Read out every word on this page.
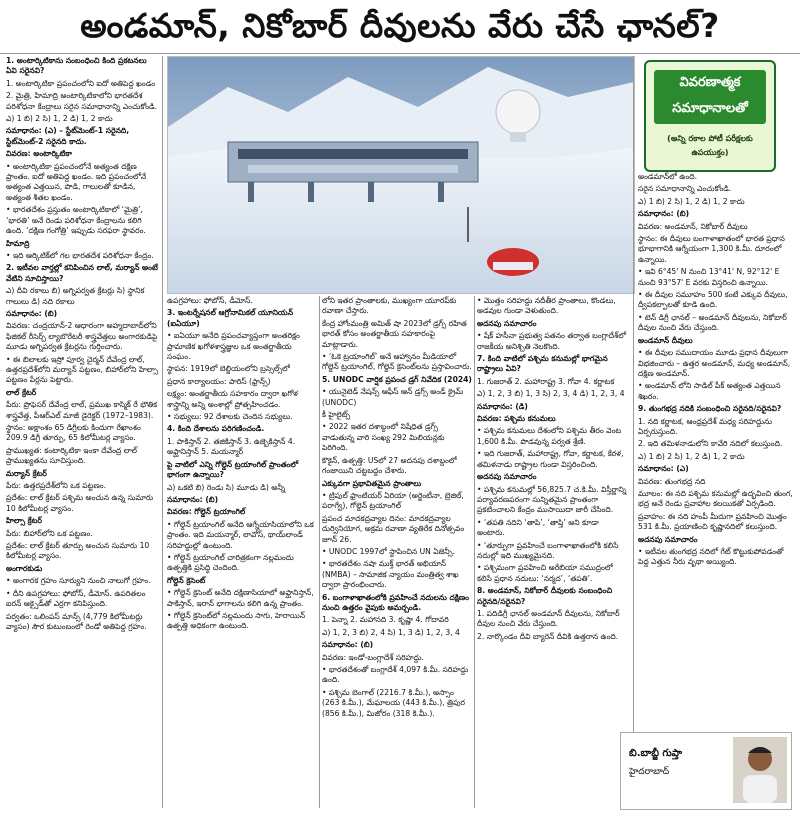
అండమాన్, నికోబార్ దీవులను వేరు చేసే ఛానల్?

1. అంటార్కిటికాను సంబంధించి కింది ప్రకటనలు ఏవి సరైనవి?

1. అంటార్కిటికా ప్రపంచంలోని ఐదో అతిపెద్ద ఖండం

2. మైత్రి, హిమాద్రి అంటార్కిటికాలోని భారతదేశ పరిశోధనా కేంద్రాలు సరైన సమాధానాన్ని ఎంచుకోండి.

ఎ) 1 బి) 2 సి) 1, 2 డి) 1, 2 కాదు

సమాధానం: (ఎ) – స్టేట్‌మెంట్-1 సరైనది, స్టేట్‌మెంట్-2 సరైనది కాదు.

వివరణ: అంటార్కిటికా

• అంటార్కిటికా ప్రపంచంలోనే అత్యంత దక్షిణ ప్రాంతం. ఐదో అతిపెద్ద ఖండం. ఇది ప్రపంచంలోనే అత్యంత ఎత్తయిన, పొడి, గాలులతో కూడిన, అత్యంత శీతల ఖండం.

• భారతదేశం ప్రస్తుతం అంటార్కిటికాలో ‘మైత్రి’, ‘భారతి’ అనే రెండు పరిశోధనా కేంద్రాలను కలిగి ఉంది. ‘దక్షిణ గంగోత్రి’ ఇప్పుడు సరఫరా స్థావరం.

హిమాద్రి

• ఇది ఆర్కిటిక్‌లో గల భారతదేశ పరిశోధనా కేంద్రం.

2. ఇటీవల వార్తల్లో కనిపించిన లాల్, మర్యాన్ అంటే వేటిని సూచిస్తాయి?

ఎ) దీవి రకాలు బి) అగ్నిపర్వత క్రేటర్లు సి) స్థానిక గాలులు డి) నది రకాలు

సమాధానం: (బి)

వివరణ: చంద్రయాన్-2 ఆధారంగా అహ్మదాబాద్‌లోని ఫిజికల్ రీసెర్చ్ ల్యాబొరేటరీ శాస్త్రవేత్తలు అంగారకుడిపై మూడు అగ్నిపర్వత క్రేటర్లను గుర్తించారు.

• ఈ బిలాలకు ఇస్రో పూర్వ చైర్మన్ దేవేంద్ర లాల్, ఉత్తరప్రదేశ్‌లోని మర్యాన్ పట్టణం, బిహార్‌లోని హిల్సా పట్టణం పేర్లను పెట్టారు.

లాల్ క్రేటర్

పేరు: ప్రొఫెసర్ దేవేంద్ర లాల్, ప్రముఖ కాస్మిక్ రే భౌతిక శాస్త్రవేత్త, పీఆర్ఎల్ మాజీ డైరెక్టర్ (1972–1983).

స్థానం: అక్షాంశం 65 డిగ్రీలకు కిందుగా రేఖాంశం 209.9 డిగ్రీ తూర్పు, 65 కిలోమీటర్ల వ్యాసం.

ప్రాముఖ్యత: కంటార్కిటికా ఇంకా దేవేంద్ర లాల్ ప్రాముఖ్యతను సూచిస్తుంది.

మర్యాన్ క్రేటర్

పేరు: ఉత్తరప్రదేశ్‌లోని ఒక పట్టణం.

ప్రదేశం: లాల్ క్రేటర్ పశ్చిమ అంచున ఉన్న సుమారు 10 కిలోమీటర్ల వ్యాసం.

హిల్సా క్రేటర్

పేరు: బిహార్‌లోని ఒక పట్టణం.

ప్రదేశం: లాల్ క్రేటర్ తూర్పు అంచున సుమారు 10 కిలోమీటర్ల వ్యాసం.

అంగారకుడు

• అంగారక గ్రహం సూర్యుని నుంచి నాలుగో గ్రహం.

• దీని ఉపగ్రహాలు: ఫోబోస్, డీమోస్. ఉపరితలం ఐరన్ ఆక్సైడ్‌తో ఎర్రగా కనిపిస్తుంది.

పర్వతం: ఒలింపస్ మాన్స్ (4,779 కిలోమీటర్లు వ్యాసం) సౌర కుటుంబంలో రెండో అతిపెద్ద గ్రహం.

వివరణాత్మక సమాధానాలతో
(అన్ని రకాల పోటీ పరీక్షలకు ఉపయుక్తం)

ఉపగ్రహాలు: ఫోబోస్, డీమోస్.

3. ఇంటర్నేషనల్ ఆగ్రోనామికల్ యూనియన్ (ఐఏయూ)

• ఐఏయూ అనేది ప్రపంచవ్యాప్తంగా అంతరిక్షం ప్రామాణిక ఖగోళశాస్త్రజ్ఞుల ఒక అంతర్జాతీయ సంఘం.

స్థాపన: 1919లో బెల్జియంలోని బ్రస్సెల్స్‌లో

ప్రధాన కార్యాలయం: పారిస్ (ఫ్రాన్స్)

లక్ష్యం: అంతర్జాతీయ సహకారం ద్వారా ఖగోళ శాస్త్రాన్ని అన్ని అంశాల్లో ప్రోత్సహించడం.

• సభ్యులు: 92 దేశాలకు చెందిన సభ్యులు.

4. కింది దేశాలను పరిగణించండి.

1. పాకిస్తాన్ 2. తజికిస్తాన్ 3. ఉజ్బెకిస్తాన్ 4. అఫ్ఘానిస్తాన్ 5. మయన్మార్

పై వాటిలో ఎన్ని గోల్డెన్ ట్రయాంగిల్ ప్రాంతంలో భాగంగా ఉన్నాయి?

ఎ) ఒకటి బి) రెండు సి) మూడు డి) అన్నీ

సమాధానం: (బి)

వివరణ: గోల్డెన్ ట్రయాంగిల్

• గోల్డెన్ ట్రయాంగిల్ అనేది ఆగ్నేయాసియాలోని ఒక ప్రాంతం. ఇది మయన్మార్, లావోస్, థాయ్‌లాండ్ సరిహద్దుల్లో ఉంటుంది.

• గోల్డెన్ ట్రయాంగిల్ చారిత్రకంగా నల్లమందు ఉత్పత్తికి ప్రసిద్ధి చెందింది.

గోల్డెన్ క్రెసెంట్

• గోల్డెన్ క్రెసెంట్ అనేది దక్షిణాసియాలో అఫ్ఘానిస్తాన్, పాకిస్తాన్, ఇరాన్ భాగాలను కలిగి ఉన్న ప్రాంతం.

• గోల్డెన్ క్రెసెంట్‌లో నల్లమందు సాగు, హెరాయిన్ ఉత్పత్తి అధికంగా ఉంటుంది.

లోని ఇతర ప్రాంతాలకు, ముఖ్యంగా యూరప్‌కు రవాణా చేస్తారు.

కేంద్ర హోంమంత్రి అమిత్ షా 2023లో డ్రగ్స్ రహిత భారత్ కోసం అంతర్జాతీయ సహకారంపై మాట్లాడారు.

• ‘ఓకె ట్రయాంగిల్’ అనే ఆహ్వానం మీడియాలో గోల్డెన్ ట్రయాంగిల్, గోల్డెన్ క్రెసెంట్‌లను ప్రస్తావించారు.

5. UNODC వార్షిక ప్రపంచ డ్రగ్ నివేదిక (2024)

• యునైటెడ్ నేషన్స్ ఆఫీస్ ఆన్ డ్రగ్స్ అండ్ క్రైమ్ (UNODC)

కీ హైలైట్స్

• 2022 ఇతర దశాబ్దంలో నిషేధిత డ్రగ్స్ వాడుతున్న వారి సంఖ్య 292 మిలియన్లకు పెరిగింది.

కొకైన్, ఉత్పత్తి: USలో 27 అదనపు దశాబ్దంలో గంజాయిని చట్టబద్దం చేశారు.

ఎక్కువగా ప్రభావితమైన ప్రాంతాలు

• ట్రిపుల్ ఫ్రాంటియర్ ఏరియా (అర్జెంటీనా, బ్రెజిల్, పరాగ్వే), గోల్డెన్ ట్రయాంగిల్

ప్రపంచ మాదకద్రవ్యాల దినం: మాదకద్రవ్యాల దుర్వినియోగ, అక్రమ రవాణా వ్యతిరేక దినోత్సవం జూన్ 26.

• UNODC 1997లో స్థాపించిన UN ఏజెన్సీ.

• భారతదేశం నషా ముక్త్ భారత్ అభియాన్ (NMBA) – సామాజిక న్యాయం మంత్రిత్వ శాఖ ద్వారా ప్రారంభించారు.

6. బంగాళాఖాతంలోకి ప్రవహించే నదులను దక్షిణం నుంచి ఉత్తరం వైపుకు అమర్చండి.

1. పెన్నా 2. మహానది 3. కృష్ణా 4. గోదావరి

ఎ) 1, 2, 3 బి) 2, 4 సి) 1, 3 డి) 1, 2, 3, 4

సమాధానం: (బి)

వివరణ: ఇండో-బంగ్లాదేశ్ సరిహద్దు.

• భారతదేశంతో బంగ్లాదేశ్ 4,097 కి.మీ. సరిహద్దు ఉంది.

• పశ్చిమ బెంగాల్ (2216.7 కి.మీ.), అస్సాం (263 కి.మీ.), మేఘాలయ (443 కి.మీ.), త్రిపుర (856 కి.మీ.), మిజోరం (318 కి.మీ.).

• మొత్తం సరిహద్దు నదీతీర ప్రాంతాలు, కొండలు, అడవుల గుండా వెళుతుంది.

అదనపు సమాచారం

• షేక్ హసీనా ప్రభుత్వ పతనం తర్వాత బంగ్లాదేశ్‌లో రాజకీయ అనిశ్చితి నెలకొంది.

7. కింది వాటిలో పశ్చిమ కనుమల్లో భాగమైన రాష్ట్రాలు ఏవి?

1. గుజరాత్ 2. మహారాష్ట్ర 3. గోవా 4. కర్ణాటక

ఎ) 1, 2, 3 బి) 1, 3 సి) 2, 3, 4 డి) 1, 2, 3, 4

సమాధానం: (డి)

వివరణ: పశ్చిమ కనుమలు

• పశ్చిమ కనుమలు దేశంలోని పశ్చిమ తీరం వెంట 1,600 కి.మీ. పొడవున్న పర్వత శ్రేణి.

• ఇది గుజరాత్, మహారాష్ట్ర, గోవా, కర్ణాటక, కేరళ, తమిళనాడు రాష్ట్రాల గుండా విస్తరించింది.

అదనపు సమాచారం

• పశ్చిమ కనుమల్లో 56,825.7 చ.కి.మీ. విస్తీర్ణాన్ని పర్యావరణపరంగా సున్నితమైన ప్రాంతంగా ప్రకటించాలని కేంద్రం ముసాయిదా జారీ చేసింది.

• ‘తపతి నదిని ‘తాపి’, ‘తాప్తి’ అని కూడా అంటారు.

• ‘తూర్పుగా ప్రవహించే బంగాళాఖాతంలోకి కలిసే నదుల్లో ఇది ముఖ్యమైనది.

• పశ్చిమంగా ప్రవహించి అరేబియా సముద్రంలో కలిసే ప్రధాన నదులు: ‘నర్మద’, ‘తపతి’.

8. అండమాన్, నికోబార్ దీవులకు సంబంధించి సరైనది/సరైనవి?

1. పదిడిగ్రీ ఛానల్ అండమాన్ దీవులను, నికోబార్ దీవుల నుంచి వేరు చేస్తుంది.

2. నార్కొండం దీవి బ్యారెన్ దీవికి ఉత్తరాన ఉంది.

అండమాన్‌లో ఉంది.

సరైన సమాధానాన్ని ఎంచుకోండి.

ఎ) 1 బి) 2 సి) 1, 2 డి) 1, 2 కాదు

సమాధానం: (బి)

వివరణ: అండమాన్, నికోబార్ దీవులు

స్థానం: ఈ దీవులు బంగాళాఖాతంలో భారత ప్రధాన భూభాగానికి ఆగ్నేయంగా 1,300 కి.మీ. దూరంలో ఉన్నాయి.

• ఇవి 6°45' N నుంచి 13°41' N, 92°12' E నుంచి 93°57' E వరకు విస్తరించి ఉన్నాయి.

• ఈ దీవుల సమూహం 500 కంటే ఎక్కువ దీవులు, ద్వీపకల్పాలతో కూడి ఉంది.

• టెన్ డిగ్రీ ఛానల్ – అండమాన్ దీవులను, నికోబార్ దీవుల నుంచి వేరు చేస్తుంది.

అండమాన్ దీవులు

• ఈ దీవుల సముదాయం మూడు ప్రధాన దీవులుగా విభజించారు – ఉత్తర అండమాన్, మధ్య అండమాన్, దక్షిణ అండమాన్.

• అండమాన్ లోని సాడిల్ పీక్ అత్యంత ఎత్తయిన శిఖరం.

9. తుంగభద్ర నదికి సంబంధించి సరైనది/సరైనవి?

1. నది కర్ణాటక, ఆంధ్రప్రదేశ్ మధ్య సరిహద్దును ఏర్పరుస్తుంది.

2. ఇది తమిళనాడులోని కావేరి నదిలో కలుస్తుంది.

ఎ) 1 బి) 2 సి) 1, 2 డి) 1, 2 కాదు

సమాధానం: (ఎ)

వివరణ: తుంగభద్ర నది

మూలం: ఈ నది పశ్చిమ కనుమల్లో ఉద్భవించి తుంగ, భద్ర అనే రెండు ప్రవాహాల కలయికతో ఏర్పడింది.

ప్రవాహం: ఈ నది హంపీ మీదుగా ప్రవహించి మొత్తం 531 కి.మీ. ప్రయాణించి కృష్ణానదిలో కలుస్తుంది.

అదనపు సమాచారం

• ఇటీవల తుంగభద్ర నదిలో గేట్ కొట్టుకుపోవడంతో పెద్ద ఎత్తున నీరు వృథా అయ్యింది.

బి.బాబ్జీ గుప్తా
హైదరాబాద్
